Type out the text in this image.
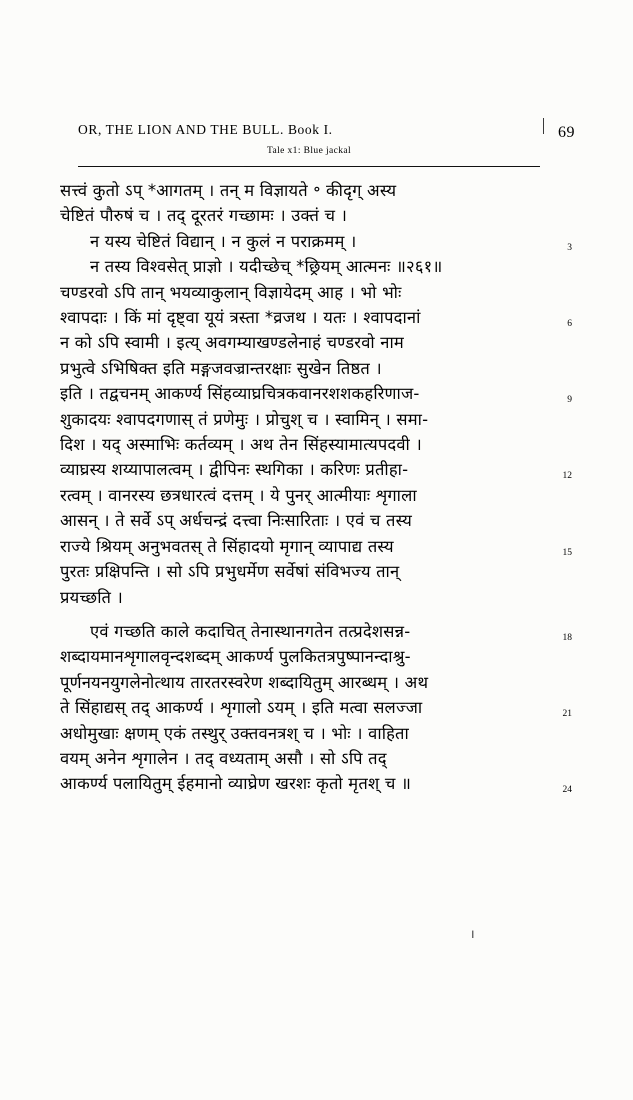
OR, THE LION AND THE BULL. Book I.	69
Tale x1: Blue jackal
सत्त्वं कुतो ऽप् *आगतम् । तन् म विज्ञायते ॰ कीदृग् अस्य
चेष्टितं पौरुषं च । तद् दूरतरं गच्छामः । उक्तं च ।
न यस्य चेष्टितं विद्यान् । न कुलं न पराक्रमम् ।	3
न तस्य विश्वसेत् प्राज्ञो । यदीच्छेच् *छ्रियम् आत्मनः ॥२६१॥
चण्डरवो ऽपि तान् भयव्याकुलान् विज्ञायेदम् आह । भो भोः
श्वापदाः । किं मां दृष्ट्वा यूयं त्रस्ता *व्रजथ । यतः । श्वापदानां	6
न को ऽपि स्वामी । इत्य् अवगम्याखण्डलेनाहं चण्डरवो नाम
प्रभुत्वे ऽभिषिक्त इति मङ्गजवज्रान्तरक्षाः सुखेन तिष्ठत ।
इति । तद्वचनम् आकर्ण्य सिंहव्याघ्रचित्रकवानरशशकहरिणाज-	9
शुकादयः श्वापदगणास् तं प्रणेमुः । प्रोचुश् च । स्वामिन् । समा-
दिश । यद् अस्माभिः कर्तव्यम् । अथ तेन सिंहस्यामात्यपदवी ।
व्याघ्रस्य शय्यापालत्वम् । द्वीपिनः स्थगिका । करिणः प्रतीहा-	12
रत्वम् । वानरस्य छत्रधारत्वं दत्तम् । ये पुनर् आत्मीयाः शृगाला
आसन् । ते सर्वे ऽप् अर्धचन्द्रं दत्त्वा निःसारिताः । एवं च तस्य
राज्ये श्रियम् अनुभवतस् ते सिंहादयो मृगान् व्यापाद्य तस्य	15
पुरतः प्रक्षिपन्ति । सो ऽपि प्रभुधर्मेण सर्वेषां संविभज्य तान्
प्रयच्छति ।
एवं गच्छति काले कदाचित् तेनास्थानगतेन तत्प्रदेशसन्न-	18
शब्दायमानशृगालवृन्दशब्दम् आकर्ण्य पुलकितत्रपुष्पानन्दाश्रु-
पूर्णनयनयुगलेनोत्थाय तारतरस्वरेण शब्दायितुम् आरब्धम् । अथ
ते सिंहाद्यस् तद् आकर्ण्य । शृगालो ऽयम् । इति मत्वा सलज्जा	21
अधोमुखाः क्षणम् एकं तस्थुर् उक्तवनत्रश् च । भोः । वाहिता
वयम् अनेन शृगालेन । तद् वध्यताम् असौ । सो ऽपि तद्
आकर्ण्य पलायितुम् ईहमानो व्याघ्रेण खरशः कृतो मृतश् च ॥	24
।
